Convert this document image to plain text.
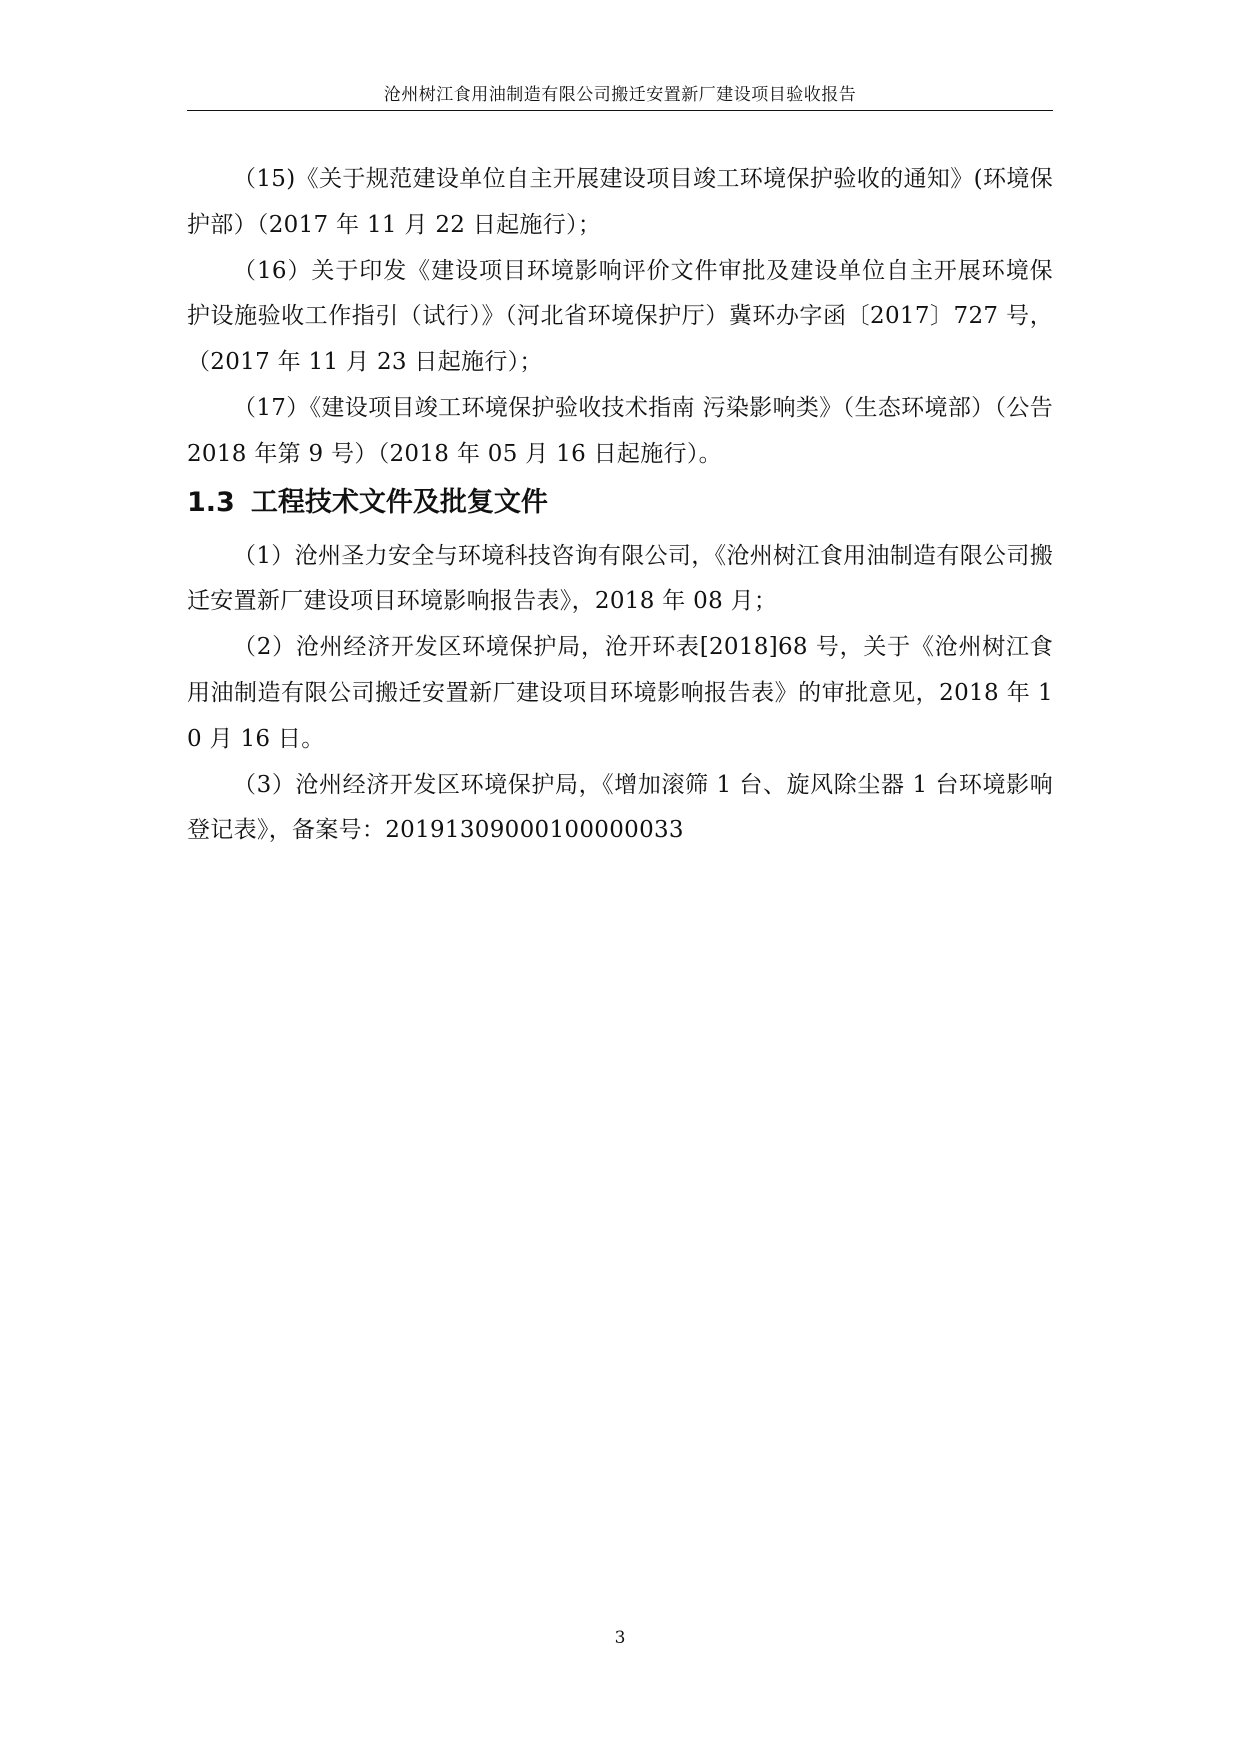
沧州树江食用油制造有限公司搬迁安置新厂建设项目验收报告

（15)《关于规范建设单位自主开展建设项目竣工环境保护验收的通知》(环境保护部）（2017 年 11 月 22 日起施行）；

（16）关于印发《建设项目环境影响评价文件审批及建设单位自主开展环境保护设施验收工作指引（试行）》（河北省环境保护厅）冀环办字函〔2017〕727 号，（2017 年 11 月 23 日起施行）；

（17）《建设项目竣工环境保护验收技术指南 污染影响类》（生态环境部）（公告 2018 年第 9 号）（2018 年 05 月 16 日起施行）。

1.3 工程技术文件及批复文件

（1）沧州圣力安全与环境科技咨询有限公司，《沧州树江食用油制造有限公司搬迁安置新厂建设项目环境影响报告表》，2018 年 08 月；

（2）沧州经济开发区环境保护局，沧开环表[2018]68 号，关于《沧州树江食用油制造有限公司搬迁安置新厂建设项目环境影响报告表》的审批意见，2018 年 10 月 16 日。

（3）沧州经济开发区环境保护局，《增加滚筛 1 台、旋风除尘器 1 台环境影响登记表》，备案号：20191309000100000033

3
